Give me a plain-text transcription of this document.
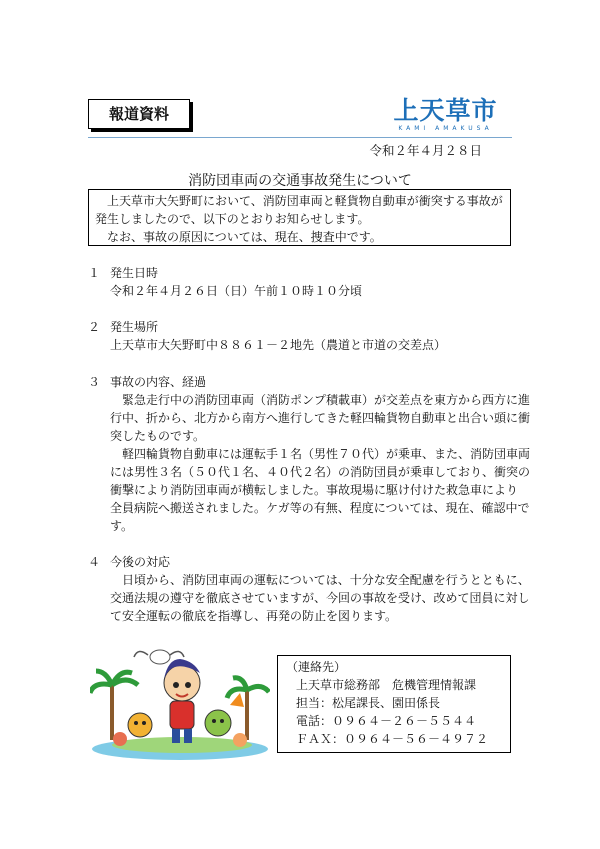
報道資料	上天草市
KAMI AMAKUSA
令和２年４月２８日
消防団車両の交通事故発生について

上天草市大矢野町において、消防団車両と軽貨物自動車が衝突する事故が

発生しましたので、以下のとおりお知らせします。

なお、事故の原因については、現在、捜査中です。

１ 発生日時

令和２年４月２６日（日）午前１０時１０分頃

２ 発生場所

上天草市大矢野町中８８６１－２地先（農道と市道の交差点）

３ 事故の内容、経過

緊急走行中の消防団車両（消防ポンプ積載車）が交差点を東方から西方に進

行中、折から、北方から南方へ進行してきた軽四輪貨物自動車と出合い頭に衝

突したものです。

軽四輪貨物自動車には運転手１名（男性７０代）が乗車、また、消防団車両

には男性３名（５０代１名、４０代２名）の消防団員が乗車しており、衝突の

衝撃により消防団車両が横転しました。事故現場に駆け付けた救急車により

全員病院へ搬送されました。ケガ等の有無、程度については、現在、確認中で

す。

４ 今後の対応

日頃から、消防団車両の運転については、十分な安全配慮を行うとともに、

交通法規の遵守を徹底させていますが、今回の事故を受け、改めて団員に対し

て安全運転の徹底を指導し、再発の防止を図ります。

（連絡先）
上天草市総務部　危機管理情報課
担当：松尾課長、園田係長
電話：０９６４－２６－５５４４
ＦＡＸ：０９６４－５６－４９７２
